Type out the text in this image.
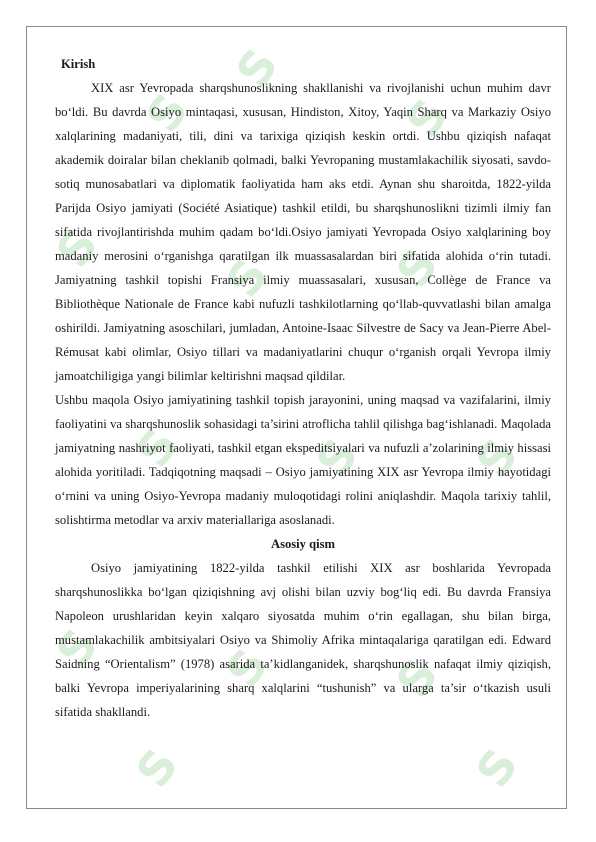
S
S
S
S
S S
S	S S
S S S
S	S
Kirish

XIX asr Yevropada sharqshunoslikning shakllanishi va rivojlanishi uchun muhim davr bo‘ldi. Bu davrda Osiyo mintaqasi, xususan, Hindiston, Xitoy, Yaqin Sharq va Markaziy Osiyo xalqlarining madaniyati, tili, dini va tarixiga qiziqish keskin ortdi. Ushbu qiziqish nafaqat akademik doiralar bilan cheklanib qolmadi, balki Yevropaning mustamlakachilik siyosati, savdo-sotiq munosabatlari va diplomatik faoliyatida ham aks etdi. Aynan shu sharoitda, 1822-yilda Parijda Osiyo jamiyati (Société Asiatique) tashkil etildi, bu sharqshunoslikni tizimli ilmiy fan sifatida rivojlantirishda muhim qadam bo‘ldi.Osiyo jamiyati Yevropada Osiyo xalqlarining boy madaniy merosini o‘rganishga qaratilgan ilk muassasalardan biri sifatida alohida o‘rin tutadi. Jamiyatning tashkil topishi Fransiya ilmiy muassasalari, xususan, Collège de France va Bibliothèque Nationale de France kabi nufuzli tashkilotlarning qo‘llab-quvvatlashi bilan amalga oshirildi. Jamiyatning asoschilari, jumladan, Antoine-Isaac Silvestre de Sacy va Jean-Pierre Abel-Rémusat kabi olimlar, Osiyo tillari va madaniyatlarini chuqur o‘rganish orqali Yevropa ilmiy jamoatchiligiga yangi bilimlar keltirishni maqsad qildilar.

Ushbu maqola Osiyo jamiyatining tashkil topish jarayonini, uning maqsad va vazifalarini, ilmiy faoliyatini va sharqshunoslik sohasidagi ta’sirini atroflicha tahlil qilishga bag‘ishlanadi. Maqolada jamiyatning nashriyot faoliyati, tashkil etgan ekspeditsiyalari va nufuzli a’zolarining ilmiy hissasi alohida yoritiladi. Tadqiqotning maqsadi – Osiyo jamiyatining XIX asr Yevropa ilmiy hayotidagi o‘rnini va uning Osiyo-Yevropa madaniy muloqotidagi rolini aniqlashdir. Maqola tarixiy tahlil, solishtirma metodlar va arxiv materiallariga asoslanadi.

Asosiy qism

Osiyo jamiyatining 1822-yilda tashkil etilishi XIX asr boshlarida Yevropada sharqshunoslikka bo‘lgan qiziqishning avj olishi bilan uzviy bog‘liq edi. Bu davrda Fransiya Napoleon urushlaridan keyin xalqaro siyosatda muhim o‘rin egallagan, shu bilan birga, mustamlakachilik ambitsiyalari Osiyo va Shimoliy Afrika mintaqalariga qaratilgan edi. Edward Saidning “Orientalism” (1978) asarida ta’kidlanganidek, sharqshunoslik nafaqat ilmiy qiziqish, balki Yevropa imperiyalarining sharq xalqlarini “tushunish” va ularga ta’sir o‘tkazish usuli sifatida shakllandi.
